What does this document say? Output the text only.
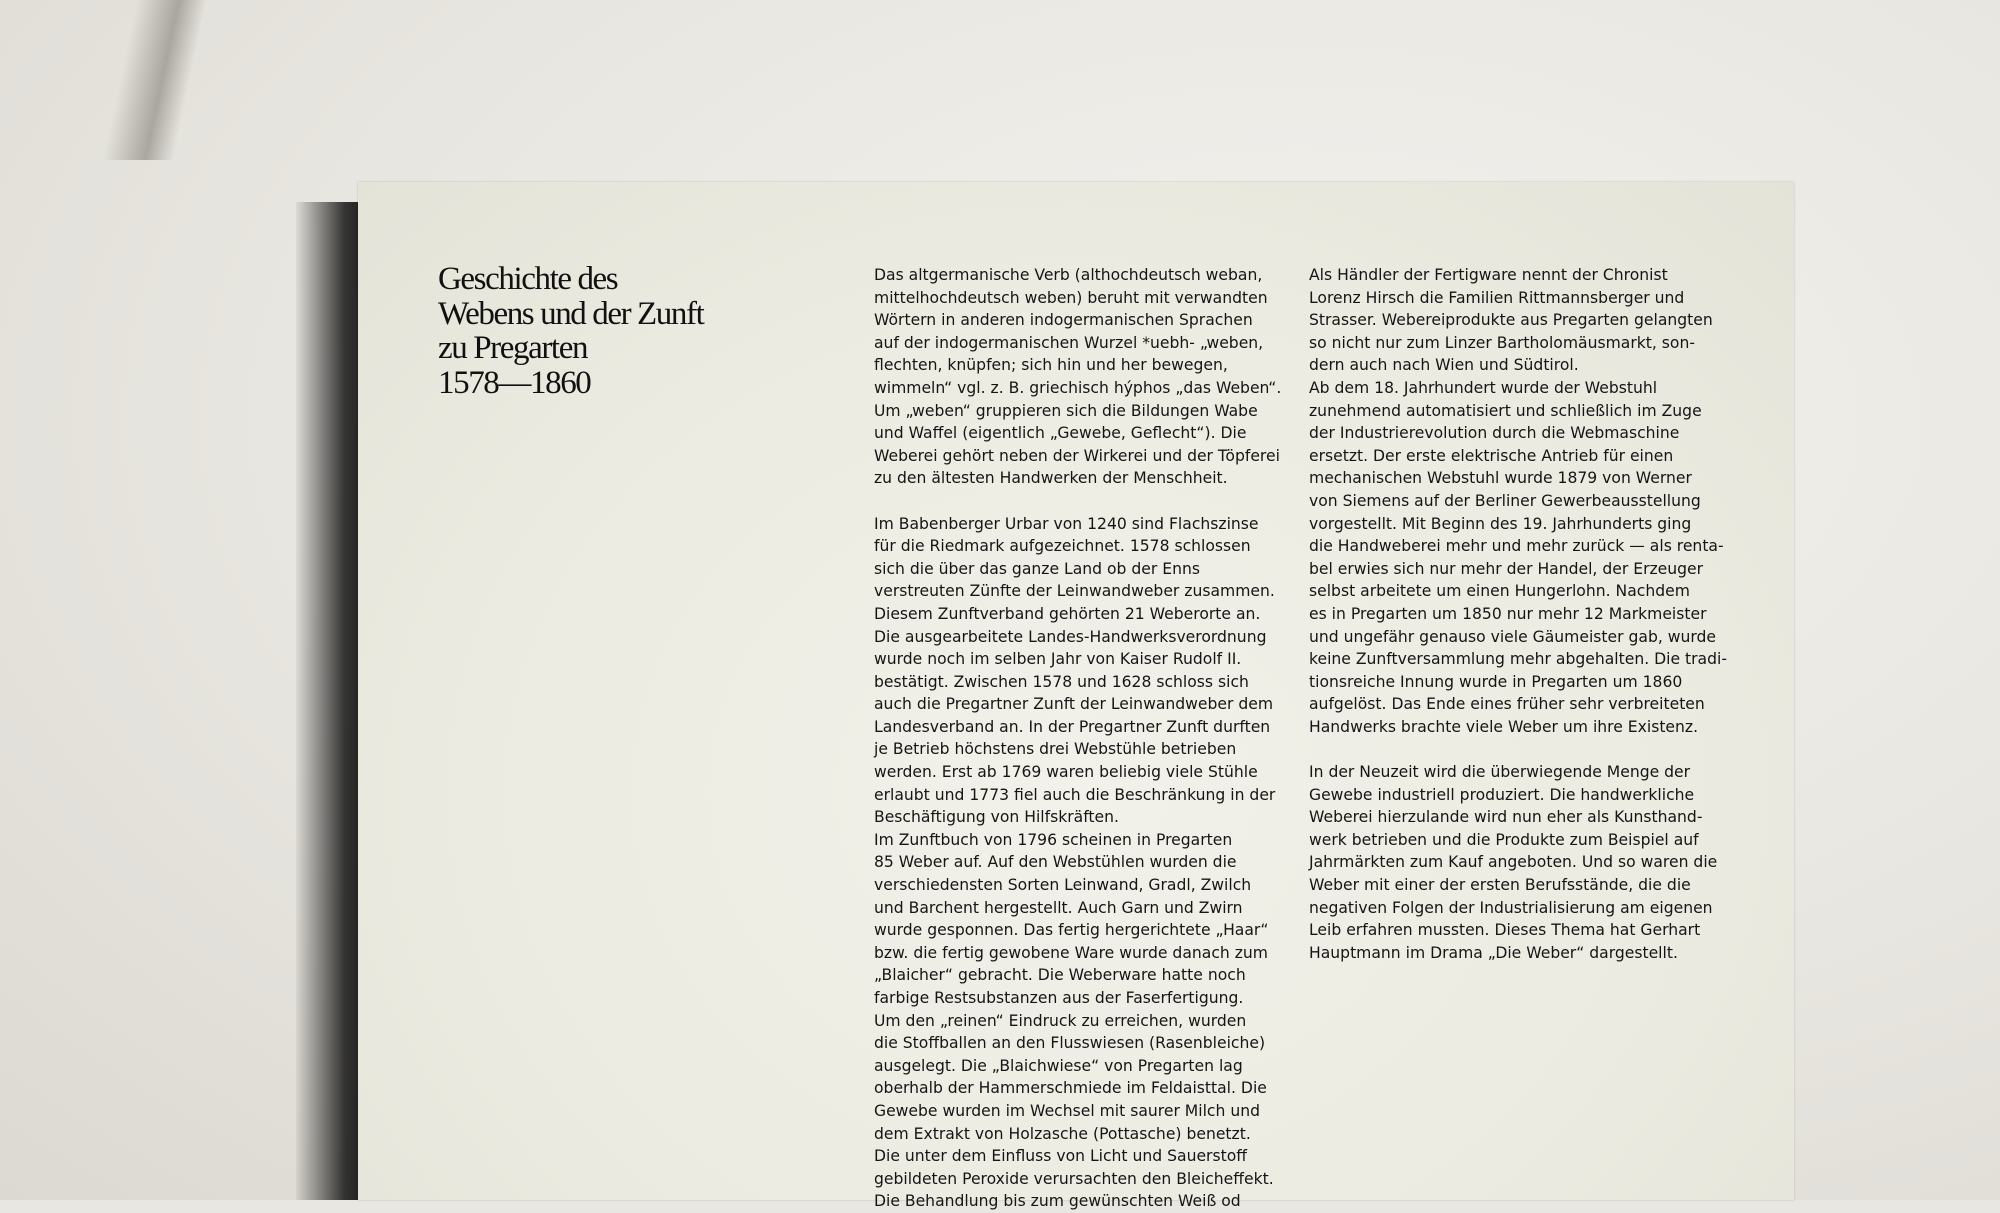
Geschichte des
Webens und der Zunft
zu Pregarten
1578—1860
Das altgermanische Verb (althochdeutsch weban,
mittelhochdeutsch weben) beruht mit verwandten
Wörtern in anderen indogermanischen Sprachen
auf der indogermanischen Wurzel *uebh- „weben,
flechten, knüpfen; sich hin und her bewegen,
wimmeln“ vgl. z. B. griechisch hýphos „das Weben“.
Um „weben“ gruppieren sich die Bildungen Wabe
und Waffel (eigentlich „Gewebe, Geflecht“). Die
Weberei gehört neben der Wirkerei und der Töpferei
zu den ältesten Handwerken der Menschheit.
Im Babenberger Urbar von 1240 sind Flachszinse
für die Riedmark aufgezeichnet. 1578 schlossen
sich die über das ganze Land ob der Enns
verstreuten Zünfte der Leinwandweber zusammen.
Diesem Zunftverband gehörten 21 Weberorte an.
Die ausgearbeitete Landes-Handwerksverordnung
wurde noch im selben Jahr von Kaiser Rudolf II.
bestätigt. Zwischen 1578 und 1628 schloss sich
auch die Pregartner Zunft der Leinwandweber dem
Landesverband an. In der Pregartner Zunft durften
je Betrieb höchstens drei Webstühle betrieben
werden. Erst ab 1769 waren beliebig viele Stühle
erlaubt und 1773 fiel auch die Beschränkung in der
Beschäftigung von Hilfskräften.
Im Zunftbuch von 1796 scheinen in Pregarten
85 Weber auf. Auf den Webstühlen wurden die
verschiedensten Sorten Leinwand, Gradl, Zwilch
und Barchent hergestellt. Auch Garn und Zwirn
wurde gesponnen. Das fertig hergerichtete „Haar“
bzw. die fertig gewobene Ware wurde danach zum
„Blaicher“ gebracht. Die Weberware hatte noch
farbige Restsubstanzen aus der Faserfertigung.
Um den „reinen“ Eindruck zu erreichen, wurden
die Stoffballen an den Flusswiesen (Rasenbleiche)
ausgelegt. Die „Blaichwiese“ von Pregarten lag
oberhalb der Hammerschmiede im Feldaisttal. Die
Gewebe wurden im Wechsel mit saurer Milch und
dem Extrakt von Holzasche (Pottasche) benetzt.
Die unter dem Einfluss von Licht und Sauerstoff
gebildeten Peroxide verursachten den Bleicheffekt.
Die Behandlung bis zum gewünschten Weiß od
Als Händler der Fertigware nennt der Chronist
Lorenz Hirsch die Familien Rittmannsberger und
Strasser. Webereiprodukte aus Pregarten gelangten
so nicht nur zum Linzer Bartholomäusmarkt, son-
dern auch nach Wien und Südtirol.
Ab dem 18. Jahrhundert wurde der Webstuhl
zunehmend automatisiert und schließlich im Zuge
der Industrierevolution durch die Webmaschine
ersetzt. Der erste elektrische Antrieb für einen
mechanischen Webstuhl wurde 1879 von Werner
von Siemens auf der Berliner Gewerbeausstellung
vorgestellt. Mit Beginn des 19. Jahrhunderts ging
die Handweberei mehr und mehr zurück — als renta-
bel erwies sich nur mehr der Handel, der Erzeuger
selbst arbeitete um einen Hungerlohn. Nachdem
es in Pregarten um 1850 nur mehr 12 Markmeister
und ungefähr genauso viele Gäumeister gab, wurde
keine Zunftversammlung mehr abgehalten. Die tradi-
tionsreiche Innung wurde in Pregarten um 1860
aufgelöst. Das Ende eines früher sehr verbreiteten
Handwerks brachte viele Weber um ihre Existenz.
In der Neuzeit wird die überwiegende Menge der
Gewebe industriell produziert. Die handwerkliche
Weberei hierzulande wird nun eher als Kunsthand-
werk betrieben und die Produkte zum Beispiel auf
Jahrmärkten zum Kauf angeboten. Und so waren die
Weber mit einer der ersten Berufsstände, die die
negativen Folgen der Industrialisierung am eigenen
Leib erfahren mussten. Dieses Thema hat Gerhart
Hauptmann im Drama „Die Weber“ dargestellt.
